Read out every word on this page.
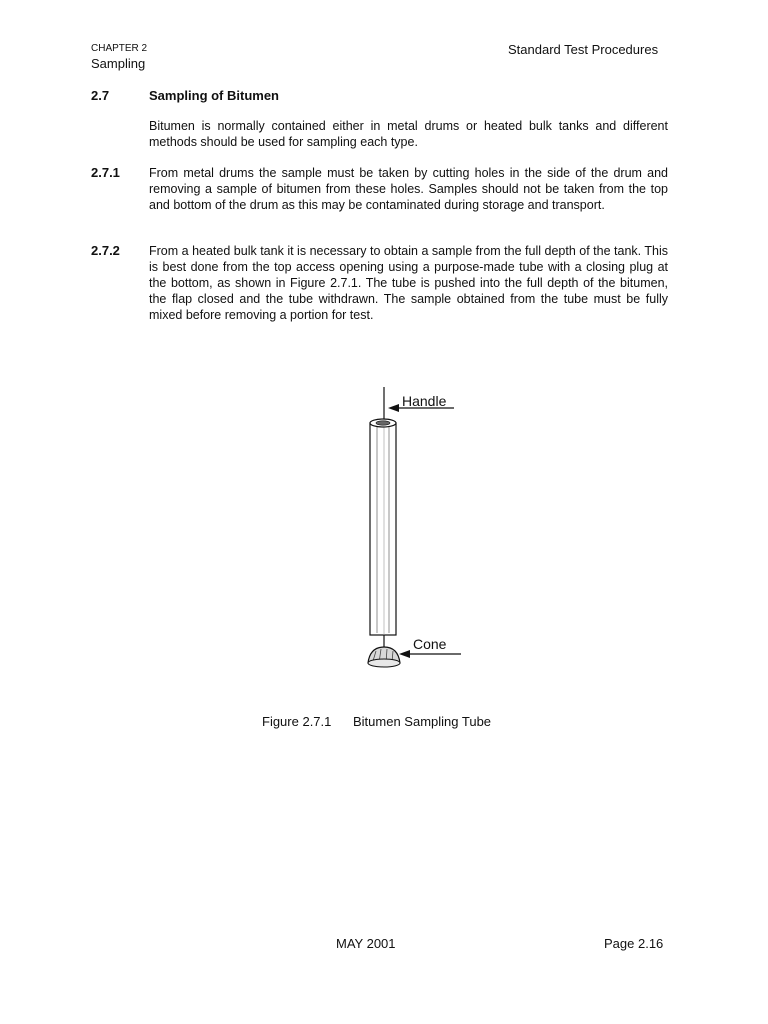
CHAPTER 2
Sampling
Standard Test Procedures
2.7	Sampling of Bitumen
Bitumen is normally contained either in metal drums or heated bulk tanks and different methods should be used for sampling each type.
2.7.1 From metal drums the sample must be taken by cutting holes in the side of the drum and removing a sample of bitumen from these holes. Samples should not be taken from the top and bottom of the drum as this may be contaminated during storage and transport.
2.7.2 From a heated bulk tank it is necessary to obtain a sample from the full depth of the tank. This is best done from the top access opening using a purpose-made tube with a closing plug at the bottom, as shown in Figure 2.7.1. The tube is pushed into the full depth of the bitumen, the flap closed and the tube withdrawn. The sample obtained from the tube must be fully mixed before removing a portion for test.
Handle
Cone
Figure 2.7.1 Bitumen Sampling Tube
MAY 2001	Page 2.16
